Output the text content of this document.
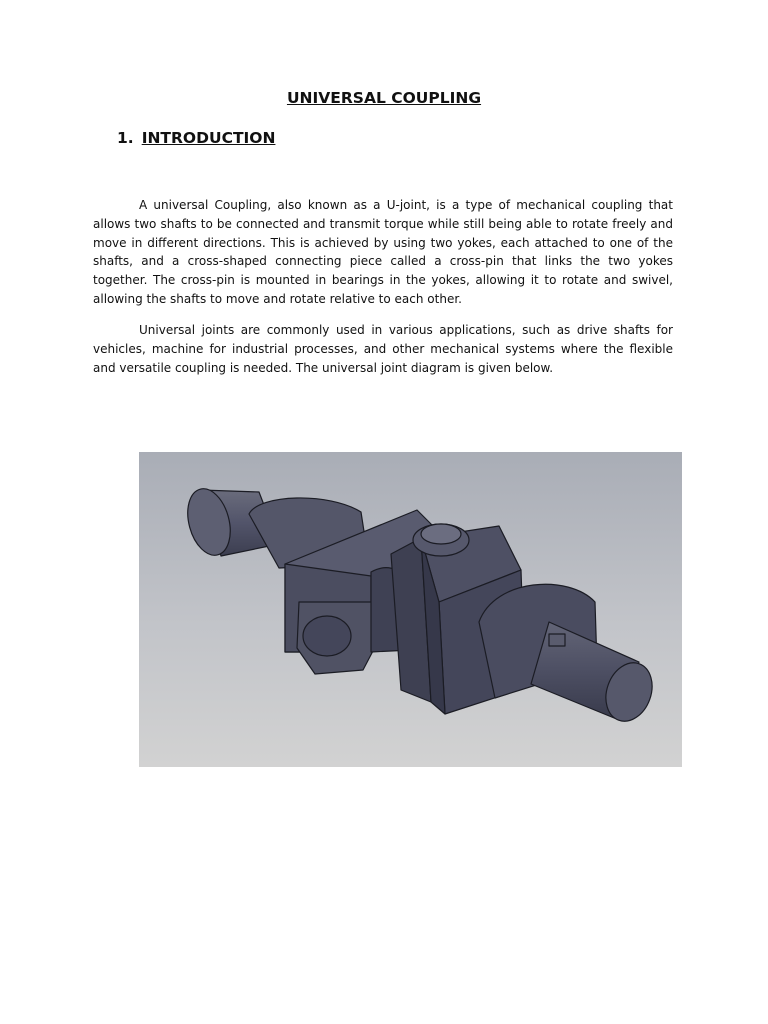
UNIVERSAL COUPLING
1. INTRODUCTION

A universal Coupling, also known as a U-joint, is a type of mechanical coupling that allows two shafts to be connected and transmit torque while still being able to rotate freely and move in different directions. This is achieved by using two yokes, each attached to one of the shafts, and a cross-shaped connecting piece called a cross-pin that links the two yokes together. The cross-pin is mounted in bearings in the yokes, allowing it to rotate and swivel, allowing the shafts to move and rotate relative to each other.

Universal joints are commonly used in various applications, such as drive shafts for vehicles, machine for industrial processes, and other mechanical systems where the flexible and versatile coupling is needed. The universal joint diagram is given below.
